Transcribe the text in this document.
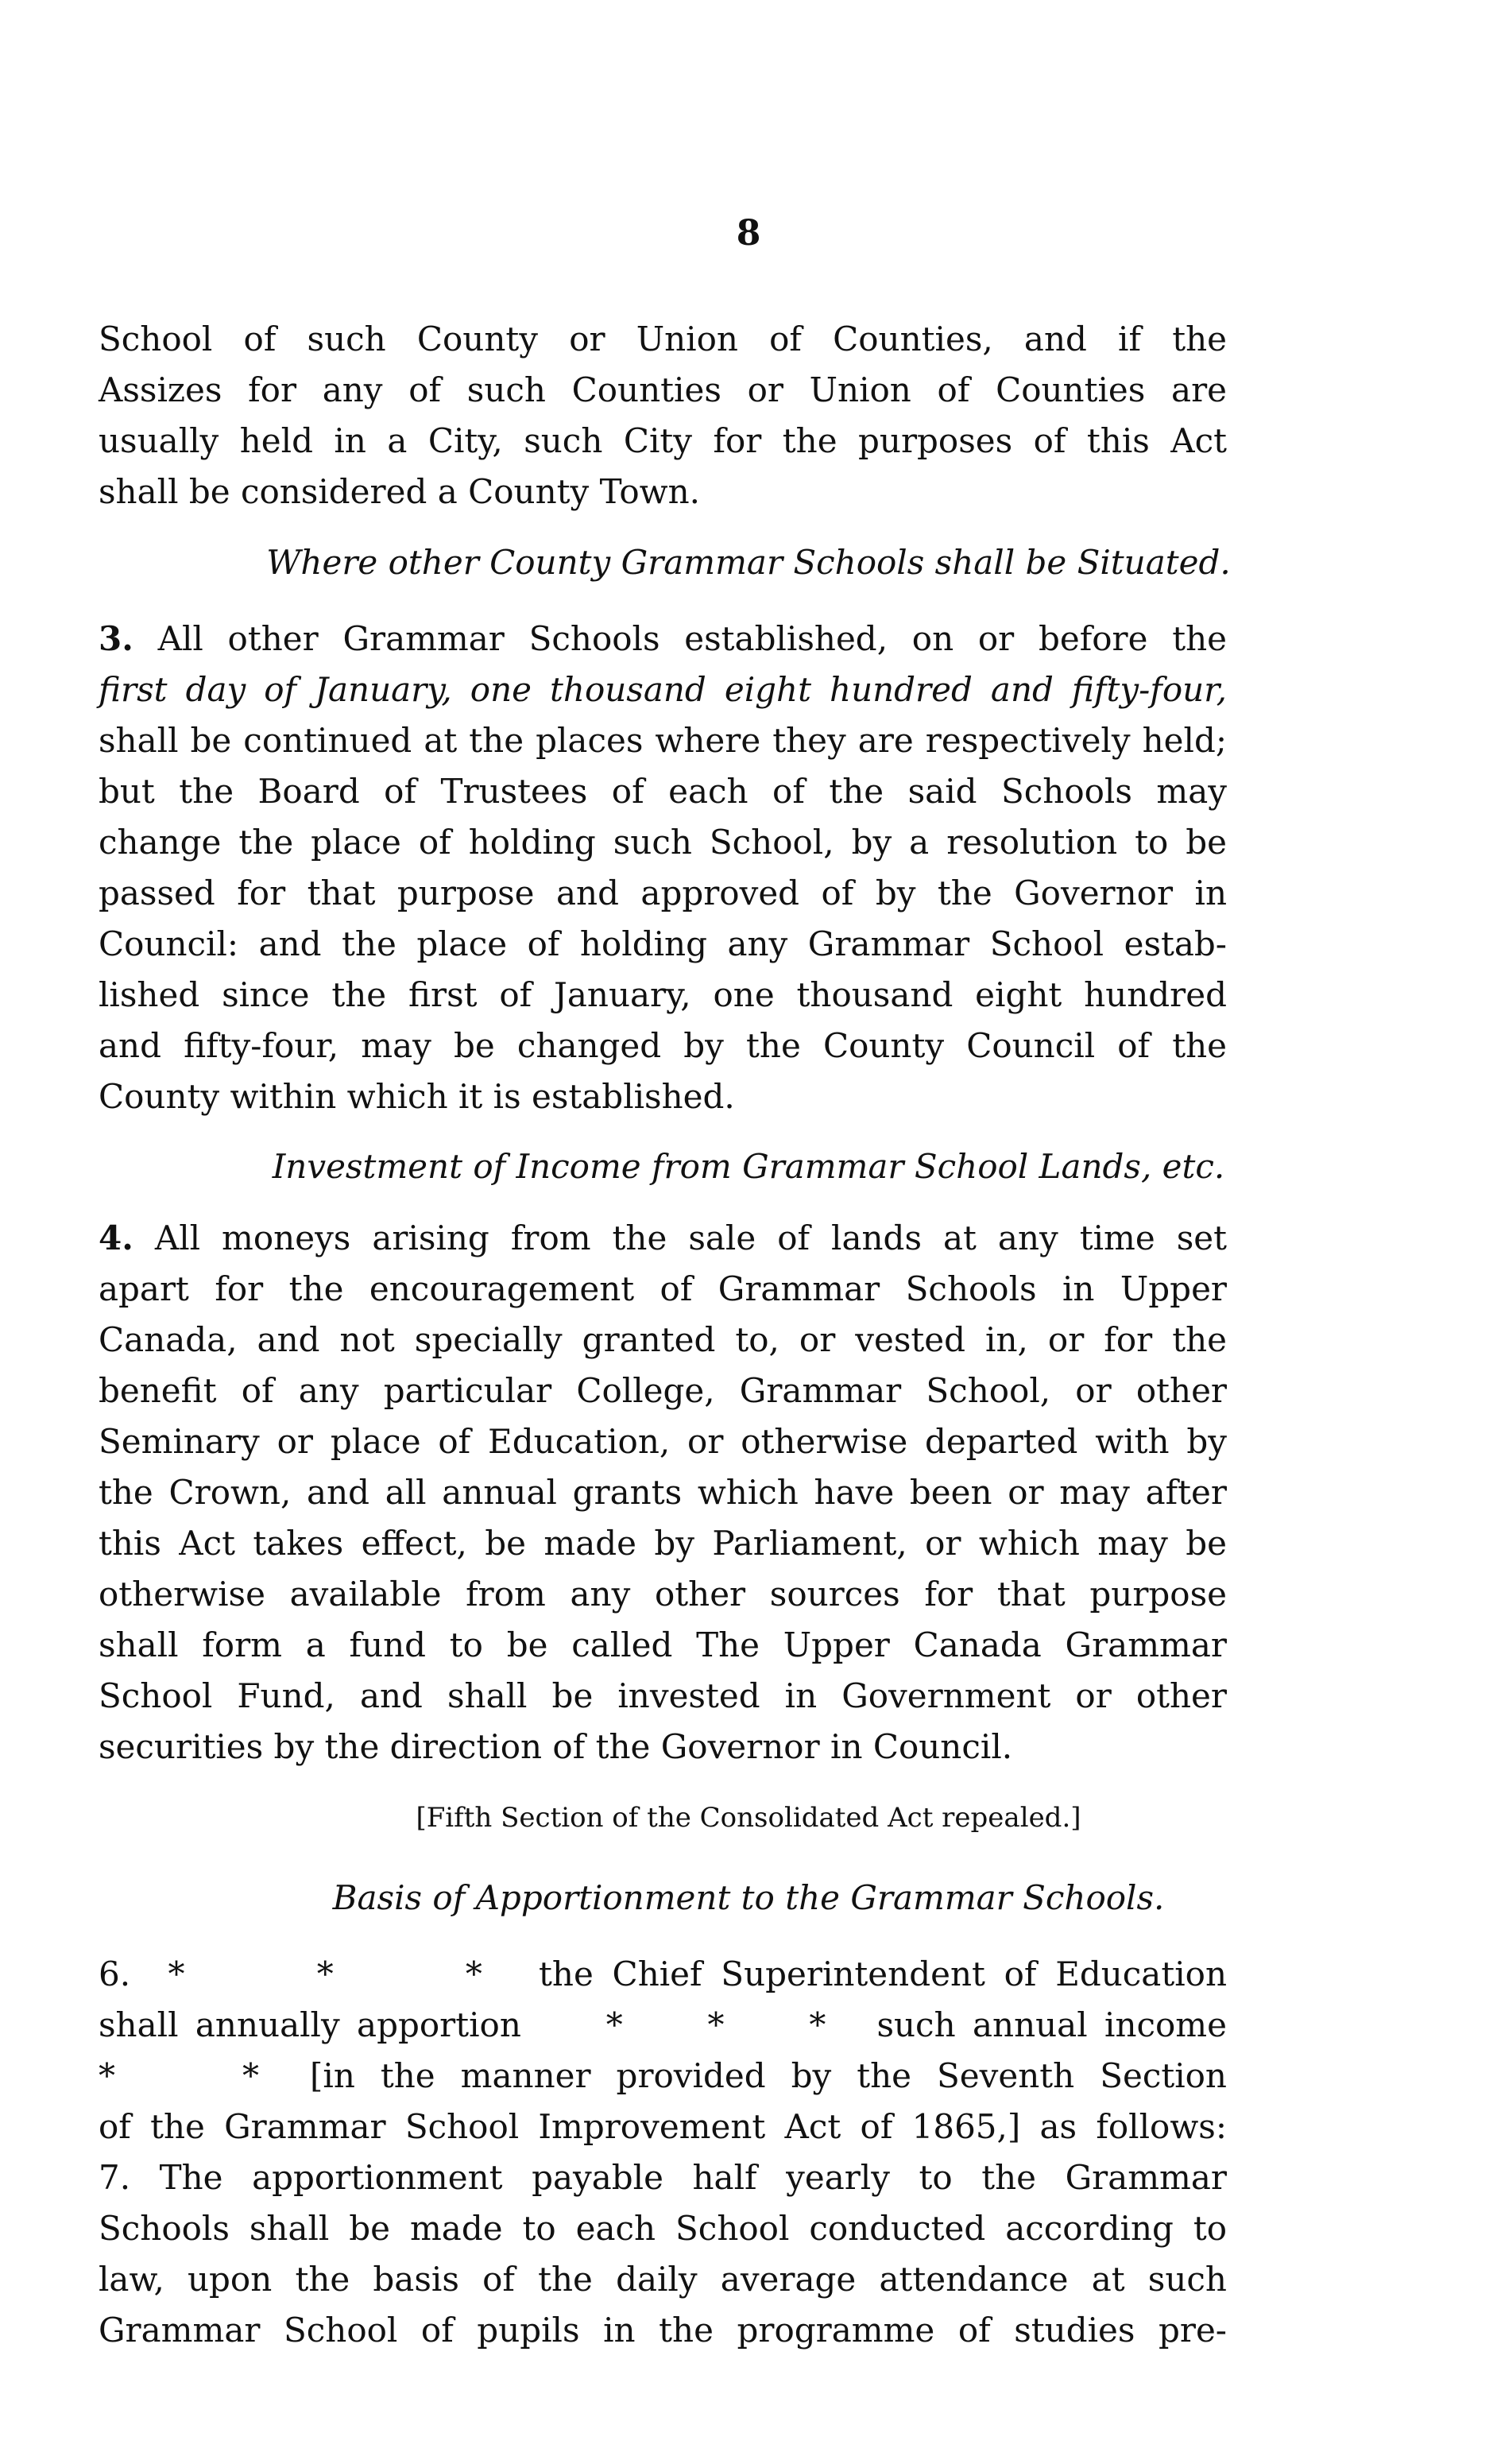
8
School of such County or Union of Counties, and if the
Assizes for any of such Counties or Union of Counties are
usually held in a City, such City for the purposes of this Act
shall be considered a County Town.
Where other County Grammar Schools shall be Situated.
3. All other Grammar Schools established, on or before the
first day of January, one thousand eight hundred and fifty-four,
shall be continued at the places where they are respectively held;
but the Board of Trustees of each of the said Schools may
change the place of holding such School, by a resolution to be
passed for that purpose and approved of by the Governor in
Council: and the place of holding any Grammar School estab-
lished since the first of January, one thousand eight hundred
and fifty-four, may be changed by the County Council of the
County within which it is established.
Investment of Income from Grammar School Lands, etc.
4. All moneys arising from the sale of lands at any time set
apart for the encouragement of Grammar Schools in Upper
Canada, and not specially granted to, or vested in, or for the
benefit of any particular College, Grammar School, or other
Seminary or place of Education, or otherwise departed with by
the Crown, and all annual grants which have been or may after
this Act takes effect, be made by Parliament, or which may be
otherwise available from any other sources for that purpose
shall form a fund to be called The Upper Canada Grammar
School Fund, and shall be invested in Government or other
securities by the direction of the Governor in Council.
[Fifth Section of the Consolidated Act repealed.]
Basis of Apportionment to the Grammar Schools.
6.  *       *       *   the Chief Superintendent of Education
shall annually apportion     *     *     *   such annual income
*     *  [in the manner provided by the Seventh Section
of the Grammar School Improvement Act of 1865,] as follows:
7. The apportionment payable half yearly to the Grammar
Schools shall be made to each School conducted according to
law, upon the basis of the daily average attendance at such
Grammar School of pupils in the programme of studies pre-
